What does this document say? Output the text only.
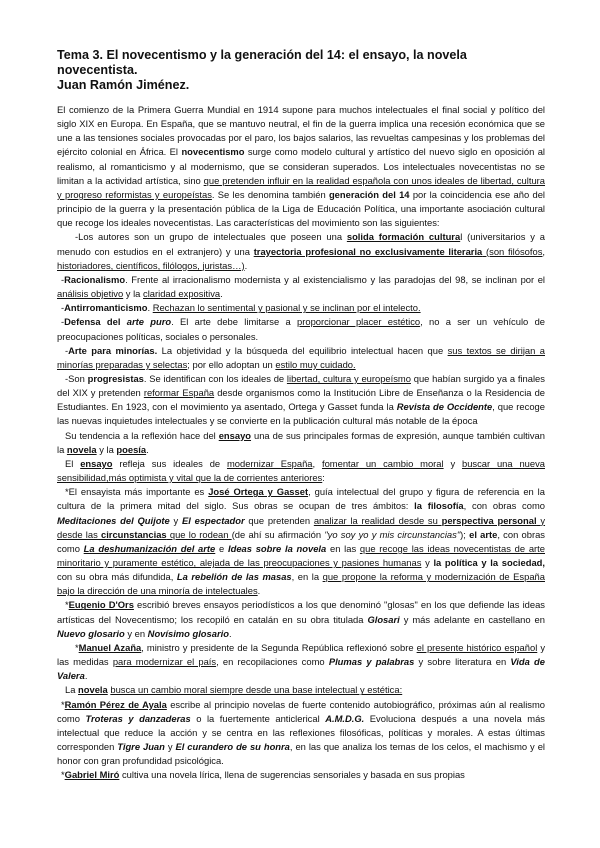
Tema 3. El novecentismo y la generación del 14: el ensayo, la novela novecentista.
Juan Ramón Jiménez.

El comienzo de la Primera Guerra Mundial en 1914 supone para muchos intelectuales el final social y político del siglo XIX en Europa. En España, que se mantuvo neutral, el fin de la guerra implica una recesión económica que se une a las tensiones sociales provocadas por el paro, los bajos salarios, las revueltas campesinas y los problemas del ejército colonial en África. El novecentismo surge como modelo cultural y artístico del nuevo siglo en oposición al realismo, al romanticismo y al modernismo, que se consideran superados. Los intelectuales novecentistas no se limitan a la actividad artística, sino que pretenden influir en la realidad española con unos ideales de libertad, cultura y progreso reformistas y europeístas. Se les denomina también generación del 14 por la coincidencia ese año del principio de la guerra y la presentación pública de la Liga de Educación Política, una importante asociación cultural que recoge los ideales novecentistas. Las características del movimiento son las siguientes:

-Los autores son un grupo de intelectuales que poseen una solida formación cultural (universitarios y a menudo con estudios en el extranjero) y una trayectoria profesional no exclusivamente literaria (son filósofos, historiadores, científicos, filólogos, juristas…).

-Racionalismo. Frente al irracionalismo modernista y al existencialismo y las paradojas del 98, se inclinan por el análisis objetivo y la claridad expositiva.

-Antirromanticismo. Rechazan lo sentimental y pasional y se inclinan por el intelecto.

-Defensa del arte puro. El arte debe limitarse a proporcionar placer estético, no a ser un vehículo de preocupaciones políticas, sociales o personales.

-Arte para minorías. La objetividad y la búsqueda del equilibrio intelectual hacen que sus textos se dirijan a minorías preparadas y selectas; por ello adoptan un estilo muy cuidado.

-Son progresistas. Se identifican con los ideales de libertad, cultura y europeísmo que habían surgido ya a finales del XIX y pretenden reformar España desde organismos como la Institución Libre de Enseñanza o la Residencia de Estudiantes. En 1923, con el movimiento ya asentado, Ortega y Gasset funda la Revista de Occidente, que recoge las nuevas inquietudes intelectuales y se convierte en la publicación cultural más notable de la época

Su tendencia a la reflexión hace del ensayo una de sus principales formas de expresión, aunque también cultivan la novela y la poesía.

El ensayo refleja sus ideales de modernizar España, fomentar un cambio moral y buscar una nueva sensibilidad,más optimista y vital que la de corrientes anteriores:

*El ensayista más importante es José Ortega y Gasset, guía intelectual del grupo y figura de referencia en la cultura de la primera mitad del siglo. Sus obras se ocupan de tres ámbitos: la filosofía, con obras como Meditaciones del Quijote y El espectador que pretenden analizar la realidad desde su perspectiva personal y desde las circunstancias que lo rodean (de ahí su afirmación "yo soy yo y mis circunstancias"); el arte, con obras como La deshumanización del arte e Ideas sobre la novela en las que recoge las ideas novecentistas de arte minoritario y puramente estético, alejada de las preocupaciones y pasiones humanas y la política y la sociedad, con su obra más difundida, La rebelión de las masas, en la que propone la reforma y modernización de España bajo la dirección de una minoría de intelectuales.

*Eugenio D'Ors escribió breves ensayos periodísticos a los que denominó "glosas" en los que defiende las ideas artísticas del Novecentismo; los recopiló en catalán en su obra titulada Glosari y más adelante en castellano en Nuevo glosario y en Novísimo glosario.

*Manuel Azaña, ministro y presidente de la Segunda República reflexionó sobre el presente histórico español y las medidas para modernizar el país, en recopilaciones como Plumas y palabras y sobre literatura en Vida de Valera.

La novela busca un cambio moral siempre desde una base intelectual y estética:

*Ramón Pérez de Ayala escribe al principio novelas de fuerte contenido autobiográfico, próximas aún al realismo como Troteras y danzaderas o la fuertemente anticlerical A.M.D.G. Evoluciona después a una novela más intelectual que reduce la acción y se centra en las reflexiones filosóficas, políticas y morales. A estas últimas corresponden Tigre Juan y El curandero de su honra, en las que analiza los temas de los celos, el machismo y el honor con gran profundidad psicológica.

*Gabriel Miró cultiva una novela lírica, llena de sugerencias sensoriales y basada en sus propias
